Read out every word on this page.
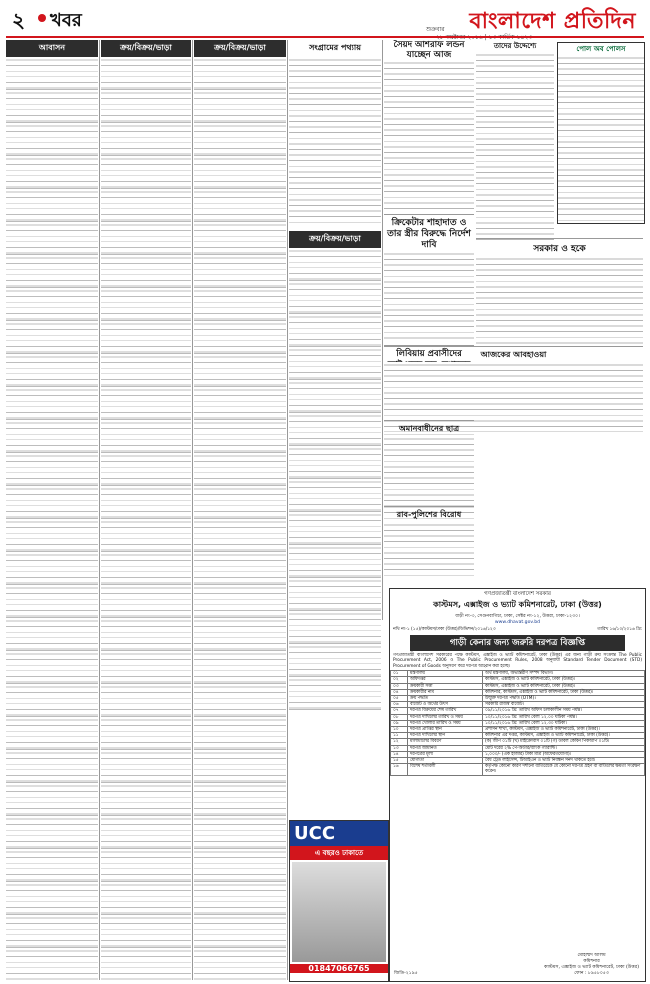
২ খবর	শুক্রবার বাংলাদেশ প্রতিদিন
আবাসন	ক্রয়/বিক্রয়/ভাড়া	ক্রয়/বিক্রয়/ভাড়া	সংগ্রামের পথ্যায়
ক্রয়/বিক্রয়/ভাড়া
সৈয়দ আশরাফ লন্ডন যাচ্ছেন আজ
ক্রিকেটার শাহাদাত ও তার স্ত্রীর বিরুদ্ধে নির্দেশ দাবি
লিবিয়ায় প্রবাসীদের
তাদের উদ্দেশ্যে	পোল অব পোলস
সরকার ও হকে
আজকের আবহাওয়া
অমানবাধীনের ছাত্র
রাব-পুলিশের বিরোধ
UCC
এ বছরও ঢাকাতে
01847066765
গণপ্রজাতন্ত্রী বাংলাদেশ সরকার
কাস্টমস, এক্সাইজ ও ভ্যাট কমিশনারেট, ঢাকা (উত্তর)
বাড়ী নং-৩, সেগুনবাগিচা, ঢাকা, সেক্টর নং-১২, উত্তরা, ঢাকা-১২৩০।
www.dhavat.gov.bd
নথি নং-১ (১৫)/কাস্টমস/ঢাকা (উত্তর)/ডিভিশন/২০১৬/১২৩	তারিখ ১৬/১০/২০১৬ খ্রি:
গাড়ী কেনার জন্য জরুরি দরপত্র বিজ্ঞপ্তি
গণপ্রজাতন্ত্রী বাংলাদেশ সরকারের পক্ষে কাস্টমস, এক্সাইজ ও ভ্যাট কমিশনারেট, ঢাকা (উত্তর) এর জন্য গাড়ী ক্রয় সংক্রান্ত The Public Procurement Act, 2006 ও The Public Procurement Rules, 2008 অনুযায়ী Standard Tender Document (STD) Procurement of Goods অনুসরণ করে দরপত্র আহ্বান করা হচ্ছে।
০১	মন্ত্রণালয়	অর্থ মন্ত্রণালয়, অভ্যন্তরীণ সম্পদ বিভাগ।
০২	অধিদপ্তর	কাস্টমস, এক্সাইজ ও ভ্যাট কমিশনারেট, ঢাকা (উত্তর)।
০৩	ক্রয়কারী সত্তা	কাস্টমস, এক্সাইজ ও ভ্যাট কমিশনারেট, ঢাকা (উত্তর)।
০৪	ক্রয়কারীর নাম	কমিশনার, কাস্টমস, এক্সাইজ ও ভ্যাট কমিশনারেট, ঢাকা (উত্তর)।
০৫	ক্রয় পদ্ধতি	উন্মুক্ত দরপত্র পদ্ধতি (OTM)।
০৬	বাজেট ও অর্থের উৎস	সরকারি রাজস্ব বাজেট।
০৭	দরপত্র বিক্রয়ের শেষ তারিখ	০৯/১১/২০১৬ খ্রি: তারিখ অফিস চলাকালীন সময় পর্যন্ত।
০৮	দরপত্র দাখিলের তারিখ ও সময়	১০/১১/২০১৬ খ্রি: তারিখ বেলা ১২.০০ ঘটিকা পর্যন্ত।
০৯	দরপত্র খোলার তারিখ ও সময়	১০/১১/২০১৬ খ্রি: তারিখ বেলা ১২.৩০ ঘটিকা।
১০	দরপত্র প্রাপ্তির স্থান	প্রশাসন শাখা, কাস্টমস, এক্সাইজ ও ভ্যাট কমিশনারেট, ঢাকা (উত্তর)।
১১	দরপত্র দাখিলের স্থান	কমিশনার এর দপ্তর, কাস্টমস, এক্সাইজ ও ভ্যাট কমিশনারেট, ঢাকা (উত্তর)।
১২	মালামালের বিবরণ	(ক) জীপ ০১টি (খ) মাইক্রোবাস ০১টি (গ) ডাবল কেবিন পিকআপ ০১টি।
১৩	দরপত্র জামানত	মোট দরের ২% পে-অর্ডার/ব্যাংক গ্যারান্টি।
১৪	দরপত্রের মূল্য	১,০০০/- (এক হাজার) টাকা মাত্র (অফেরতযোগ্য)।
১৫	যোগ্যতা	বৈধ ট্রেড লাইসেন্স, টিআইএন ও ভ্যাট নিবন্ধন সনদ থাকতে হবে।
১৬	বিশেষ শর্তাবলী	কর্তৃপক্ষ কোনো কারণ দর্শানো ব্যতিরেকে যে কোনো দরপত্র গ্রহণ বা বাতিলের ক্ষমতা সংরক্ষণ করেন।
মোহাম্মদ আলম
কমিশনার
কাস্টমস, এক্সাইজ ও ভ্যাট কমিশনারেট, ঢাকা (উত্তর)
ফোন : ৮৯৫৮০৫৩
জিডি-২১৯৫
